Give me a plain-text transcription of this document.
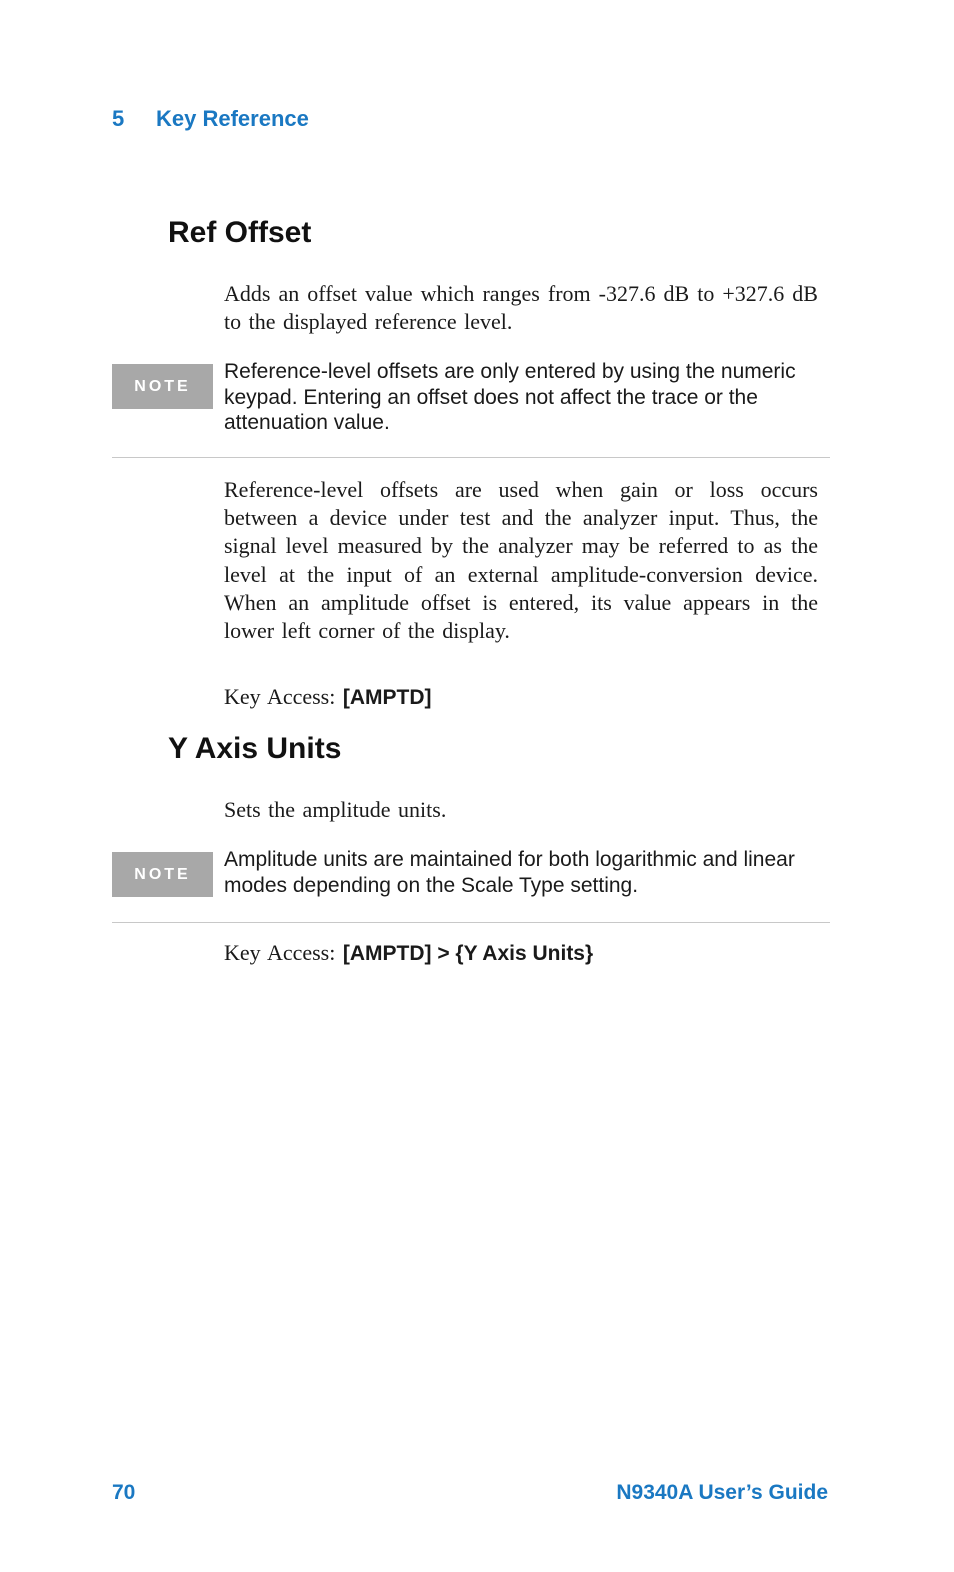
5 Key Reference
Ref Offset

Adds an offset value which ranges from -327.6 dB to +327.6 dB to the displayed reference level.

NOTE

Reference-level offsets are only entered by using the numeric keypad. Entering an offset does not affect the trace or the attenuation value.

Reference-level offsets are used when gain or loss occurs between a device under test and the analyzer input. Thus, the signal level measured by the analyzer may be referred to as the level at the input of an external amplitude-conversion device. When an amplitude offset is entered, its value appears in the lower left corner of the display.

Key Access: [AMPTD]
Y Axis Units

Sets the amplitude units.

NOTE

Amplitude units are maintained for both logarithmic and linear modes depending on the Scale Type setting.

Key Access: [AMPTD] > {Y Axis Units}
70	N9340A User’s Guide
